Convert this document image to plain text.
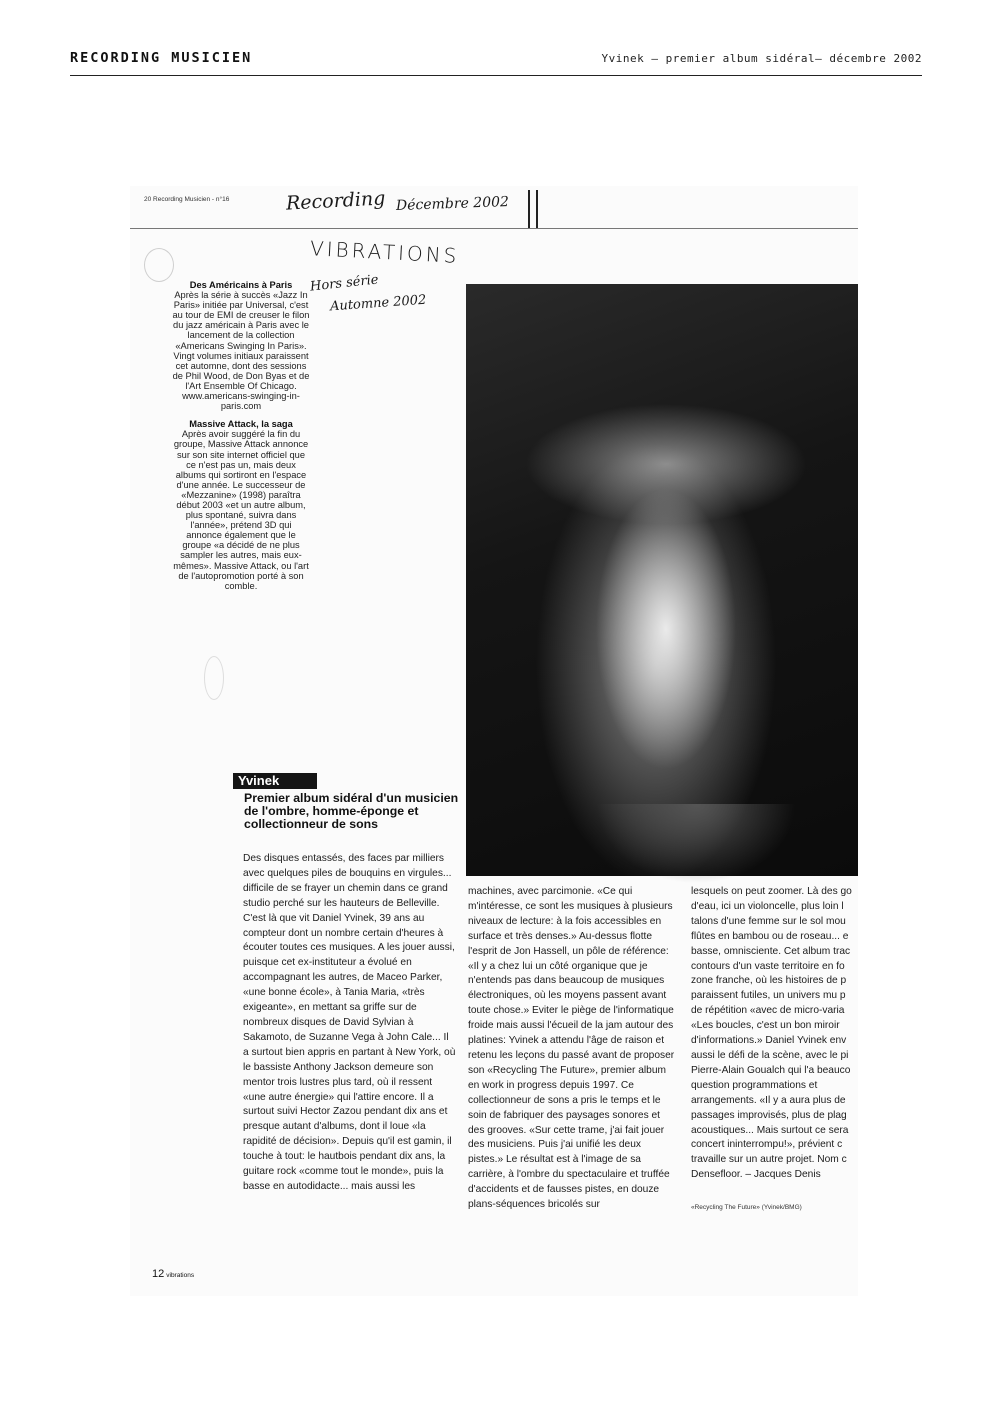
RECORDING MUSICIEN	Yvinek – premier album sidéral– décembre 2002
20 Recording Musicien - n°16	Recording Décembre 2002
VIBRATIONS
Hors série
Automne 2002
Des Américains à Paris
Après la série à succès «Jazz In Paris» initiée par Universal, c'est au tour de EMI de creuser le filon du jazz américain à Paris avec le lancement de la collection «Americans Swinging In Paris». Vingt volumes initiaux paraissent cet automne, dont des sessions de Phil Wood, de Don Byas et de l'Art Ensemble Of Chicago. www.americans-swinging-in-paris.com
Massive Attack, la saga
Après avoir suggéré la fin du groupe, Massive Attack annonce sur son site internet officiel que ce n'est pas un, mais deux albums qui sortiront en l'espace d'une année. Le successeur de «Mezzanine» (1998) paraîtra début 2003 «et un autre album, plus spontané, suivra dans l'année», prétend 3D qui annonce également que le groupe «a décidé de ne plus sampler les autres, mais eux-mêmes». Massive Attack, ou l'art de l'autopromotion porté à son comble.
Yvinek
Premier album sidéral d'un musicien de l'ombre, homme-éponge et collectionneur de sons
Des disques entassés, des faces par milliers avec quelques piles de bouquins en virgules... difficile de se frayer un chemin dans ce grand studio perché sur les hauteurs de Belleville. C'est là que vit Daniel Yvinek, 39 ans au compteur dont un nombre certain d'heures à écouter toutes ces musiques. A les jouer aussi, puisque cet ex-instituteur a évolué en accompagnant les autres, de Maceo Parker, «une bonne école», à Tania Maria, «très exigeante», en mettant sa griffe sur de nombreux disques de David Sylvian à Sakamoto, de Suzanne Vega à John Cale... Il a surtout bien appris en partant à New York, où le bassiste Anthony Jackson demeure son mentor trois lustres plus tard, où il ressent «une autre énergie» qui l'attire encore. Il a surtout suivi Hector Zazou pendant dix ans et presque autant d'albums, dont il loue «la rapidité de décision». Depuis qu'il est gamin, il touche à tout: le hautbois pendant dix ans, la guitare rock «comme tout le monde», puis la basse en autodidacte... mais aussi les
machines, avec parcimonie. «Ce qui m'intéresse, ce sont les musiques à plusieurs niveaux de lecture: à la fois accessibles en surface et très denses.» Au-dessus flotte l'esprit de Jon Hassell, un pôle de référence: «Il y a chez lui un côté organique que je n'entends pas dans beaucoup de musiques électroniques, où les moyens passent avant toute chose.» Eviter le piège de l'informatique froide mais aussi l'écueil de la jam autour des platines: Yvinek a attendu l'âge de raison et retenu les leçons du passé avant de proposer son «Recycling The Future», premier album en work in progress depuis 1997. Ce collectionneur de sons a pris le temps et le soin de fabriquer des paysages sonores et des grooves. «Sur cette trame, j'ai fait jouer des musiciens. Puis j'ai unifié les deux pistes.» Le résultat est à l'image de sa carrière, à l'ombre du spectaculaire et truffée d'accidents et de fausses pistes, en douze plans-séquences bricolés sur
lesquels on peut zoomer. Là des go
d'eau, ici un violoncelle, plus loin l
talons d'une femme sur le sol mou
flûtes en bambou ou de roseau... e
basse, omnisciente. Cet album trac
contours d'un vaste territoire en fo
zone franche, où les histoires de p
paraissent futiles, un univers mu p
de répétition «avec de micro-varia
«Les boucles, c'est un bon miroir
d'informations.» Daniel Yvinek env
aussi le défi de la scène, avec le pi
Pierre-Alain Goualch qui l'a beauco
question programmations et
arrangements. «Il y a aura plus de
passages improvisés, plus de plag
acoustiques... Mais surtout ce sera
concert ininterrompu!», prévient c
travaille sur un autre projet. Nom c
Densefloor. – Jacques Denis
«Recycling The Future» (Yvinek/BMG)
12 vibrations
